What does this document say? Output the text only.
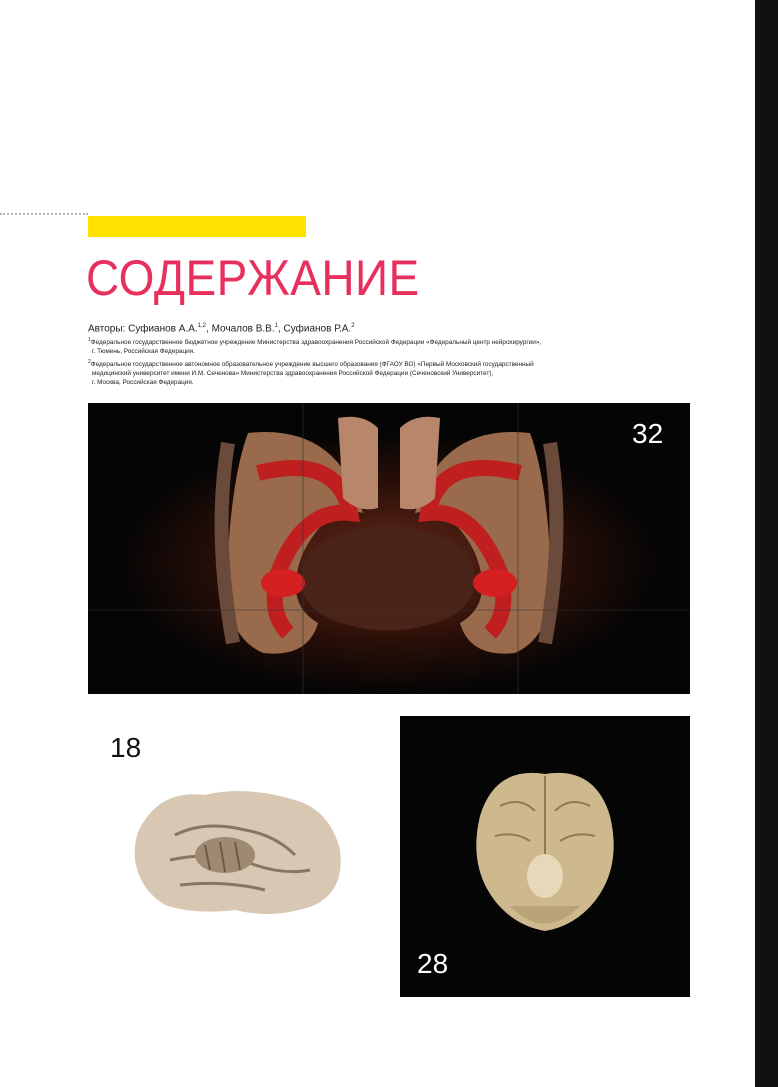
СОДЕРЖАНИЕ

Авторы: Суфианов А.А.$^{1,2}$, Мочалов В.В.$^1$, Суфианов Р.А.$^2$

$^1$Федеральное государственное бюджетное учреждение Министерства здравоохранения Российской Федерации «Федеральный центр нейрохирургии»,
г. Тюмень, Российская Федерация.

$^2$Федеральное государственное автономное образовательное учреждение высшего образования (ФГАОУ ВО) «Первый Московский государственный
медицинский университет имени И.М. Сеченова» Министерства здравоохранения Российской Федерации (Сеченовский Университет),
г. Москва, Российская Федерация.

32
18
28
